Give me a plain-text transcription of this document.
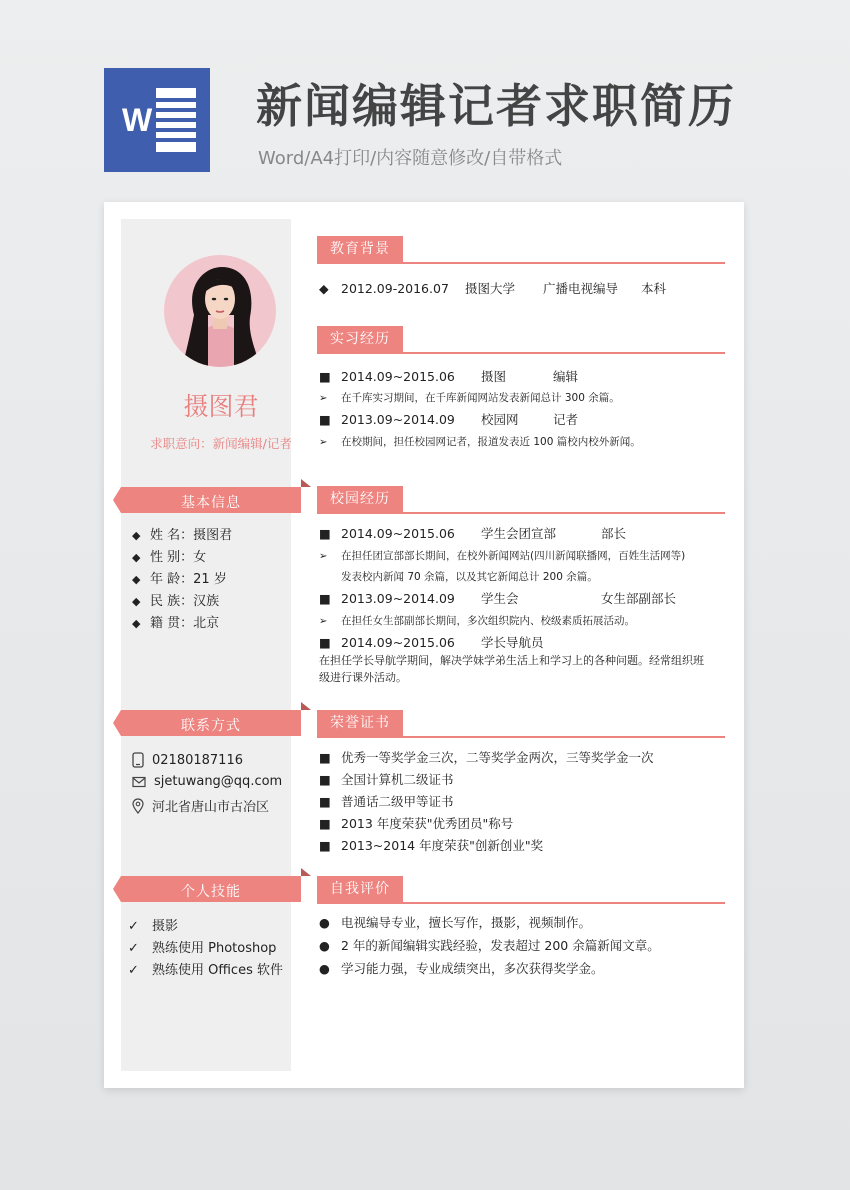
W 新闻编辑记者求职简历
Word/A4打印/内容随意修改/自带格式
摄图君
求职意向：新闻编辑/记者
基本信息
◆ 姓 名：摄图君
◆ 性 别：女
◆ 年 龄：21 岁
◆ 民 族：汉族
◆ 籍 贯：北京
联系方式
02180187116
sjetuwang@qq.com
河北省唐山市古冶区
个人技能
✓ 摄影
✓ 熟练使用 Photoshop
✓ 熟练使用 Offices 软件
教育背景
◆ 2012.09-2016.07 摄图大学 广播电视编导 本科
实习经历
■ 2014.09~2015.06 摄图	编辑
➢ 在千库实习期间，在千库新闻网站发表新闻总计 300 余篇。
■ 2013.09~2014.09 校园网	记者
➢ 在校期间，担任校园网记者，报道发表近 100 篇校内校外新闻。
校园经历
■ 2014.09~2015.06 学生会团宣部	部长
➢ 在担任团宣部部长期间，在校外新闻网站(四川新闻联播网，百姓生活网等)
发表校内新闻 70 余篇，以及其它新闻总计 200 余篇。
■ 2013.09~2014.09 学生会	女生部副部长
➢ 在担任女生部副部长期间，多次组织院内、校级素质拓展活动。
■ 2014.09~2015.06 学长导航员
在担任学长导航学期间，解决学妹学弟生活上和学习上的各种问题。经常组织班
级进行课外活动。
荣誉证书
■ 优秀一等奖学金三次，二等奖学金两次，三等奖学金一次
■ 全国计算机二级证书
■ 普通话二级甲等证书
■ 2013 年度荣获"优秀团员"称号
■ 2013~2014 年度荣获"创新创业"奖
自我评价
● 电视编导专业，擅长写作，摄影，视频制作。
● 2 年的新闻编辑实践经验，发表超过 200 余篇新闻文章。
● 学习能力强，专业成绩突出，多次获得奖学金。
